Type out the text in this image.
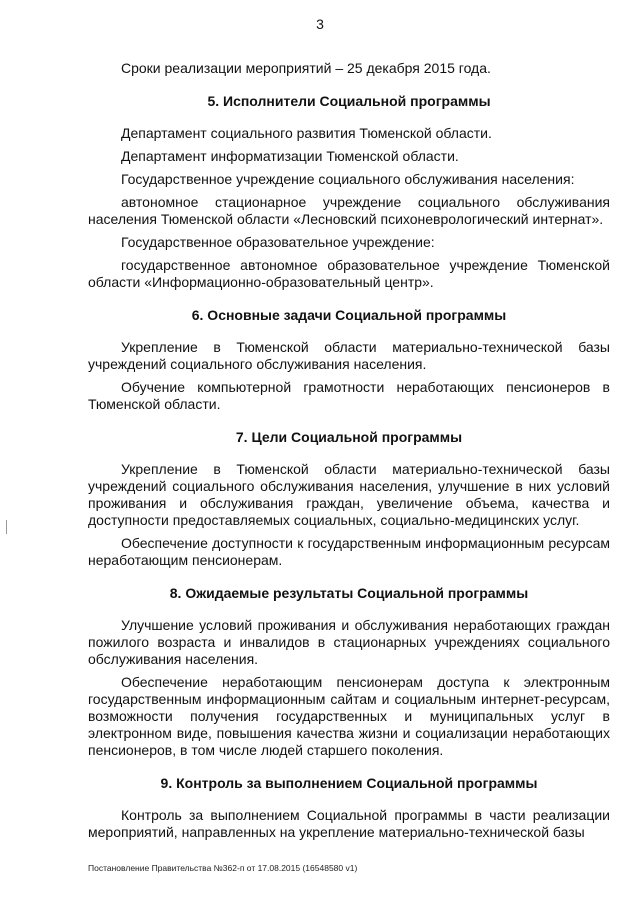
3

Сроки реализации мероприятий – 25 декабря 2015 года.

5. Исполнители Социальной программы

Департамент социального развития Тюменской области.

Департамент информатизации Тюменской области.

Государственное учреждение социального обслуживания населения:

автономное стационарное учреждение социального обслуживания населения Тюменской области «Лесновский психоневрологический интернат».

Государственное образовательное учреждение:

государственное автономное образовательное учреждение Тюменской области «Информационно-образовательный центр».

6. Основные задачи Социальной программы

Укрепление в Тюменской области материально-технической базы учреждений социального обслуживания населения.

Обучение компьютерной грамотности неработающих пенсионеров в Тюменской области.

7. Цели Социальной программы

Укрепление в Тюменской области материально-технической базы учреждений социального обслуживания населения, улучшение в них условий проживания и обслуживания граждан, увеличение объема, качества и доступности предоставляемых социальных, социально-медицинских услуг.

Обеспечение доступности к государственным информационным ресурсам неработающим пенсионерам.

8. Ожидаемые результаты Социальной программы

Улучшение условий проживания и обслуживания неработающих граждан пожилого возраста и инвалидов в стационарных учреждениях социального обслуживания населения.

Обеспечение неработающим пенсионерам доступа к электронным государственным информационным сайтам и социальным интернет-ресурсам, возможности получения государственных и муниципальных услуг в электронном виде, повышения качества жизни и социализации неработающих пенсионеров, в том числе людей старшего поколения.

9. Контроль за выполнением Социальной программы

Контроль за выполнением Социальной программы в части реализации мероприятий, направленных на укрепление материально-технической базы

Постановление Правительства №362-п от 17.08.2015 (16548580 v1)
